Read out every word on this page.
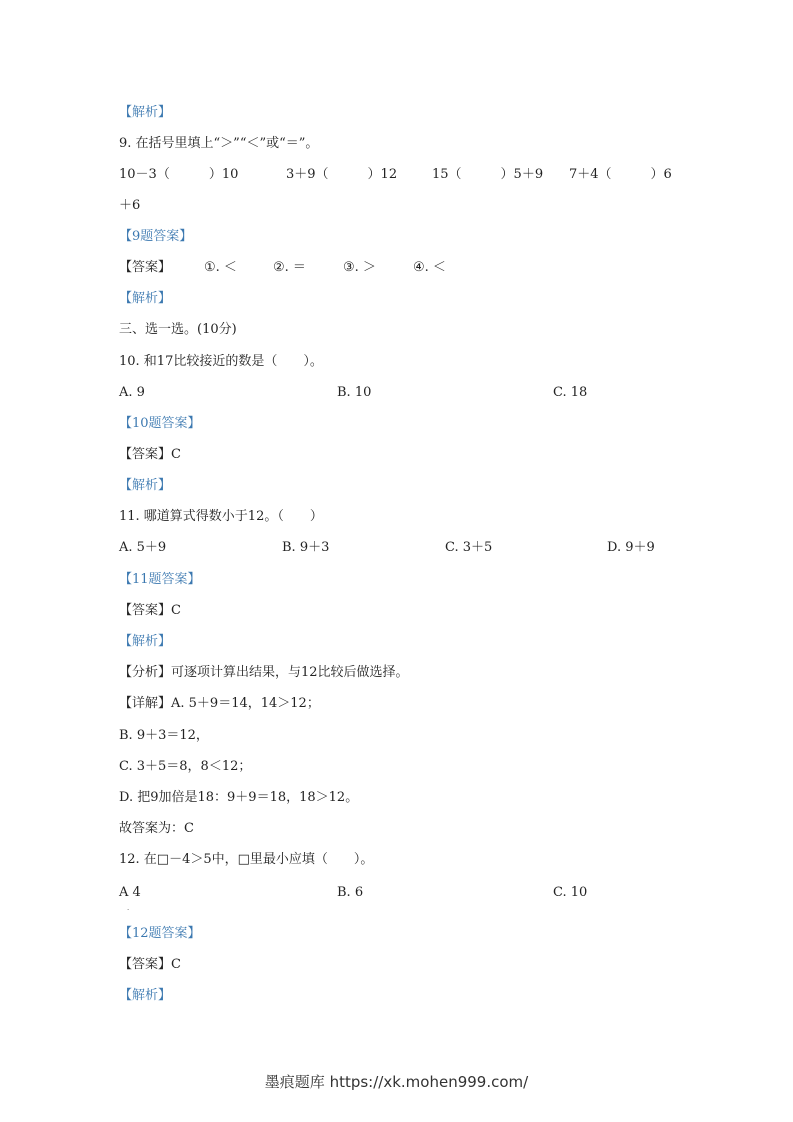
【解析】
9. 在括号里填上“＞”“＜”或“＝”。
10－3（　　　）10	3＋9（　　　）12	15（　　　）5＋9 7＋4（　　　）6
＋6
【9题答案】
【答案】	①. ＜	②. ＝	③. ＞	④. ＜
【解析】
三、选一选。(10分)
10. 和17比较接近的数是（　　）。
A. 9	B. 10	C. 18
【10题答案】
【答案】C
【解析】
11. 哪道算式得数小于12。（　　）
A. 5＋9	B. 9＋3	C. 3＋5	D. 9＋9
【11题答案】
【答案】C
【解析】
【分析】可逐项计算出结果，与12比较后做选择。
【详解】A. 5＋9＝14，14＞12；
B. 9＋3＝12，
C. 3＋5＝8，8＜12；
D. 把9加倍是18：9＋9＝18，18＞12。
故答案为：C
12. 在□－4＞5中，□里最小应填（　　）。
A 4
.
B. 6	C. 10
【12题答案】
【答案】C
【解析】
墨痕题库 https://xk.mohen999.com/
